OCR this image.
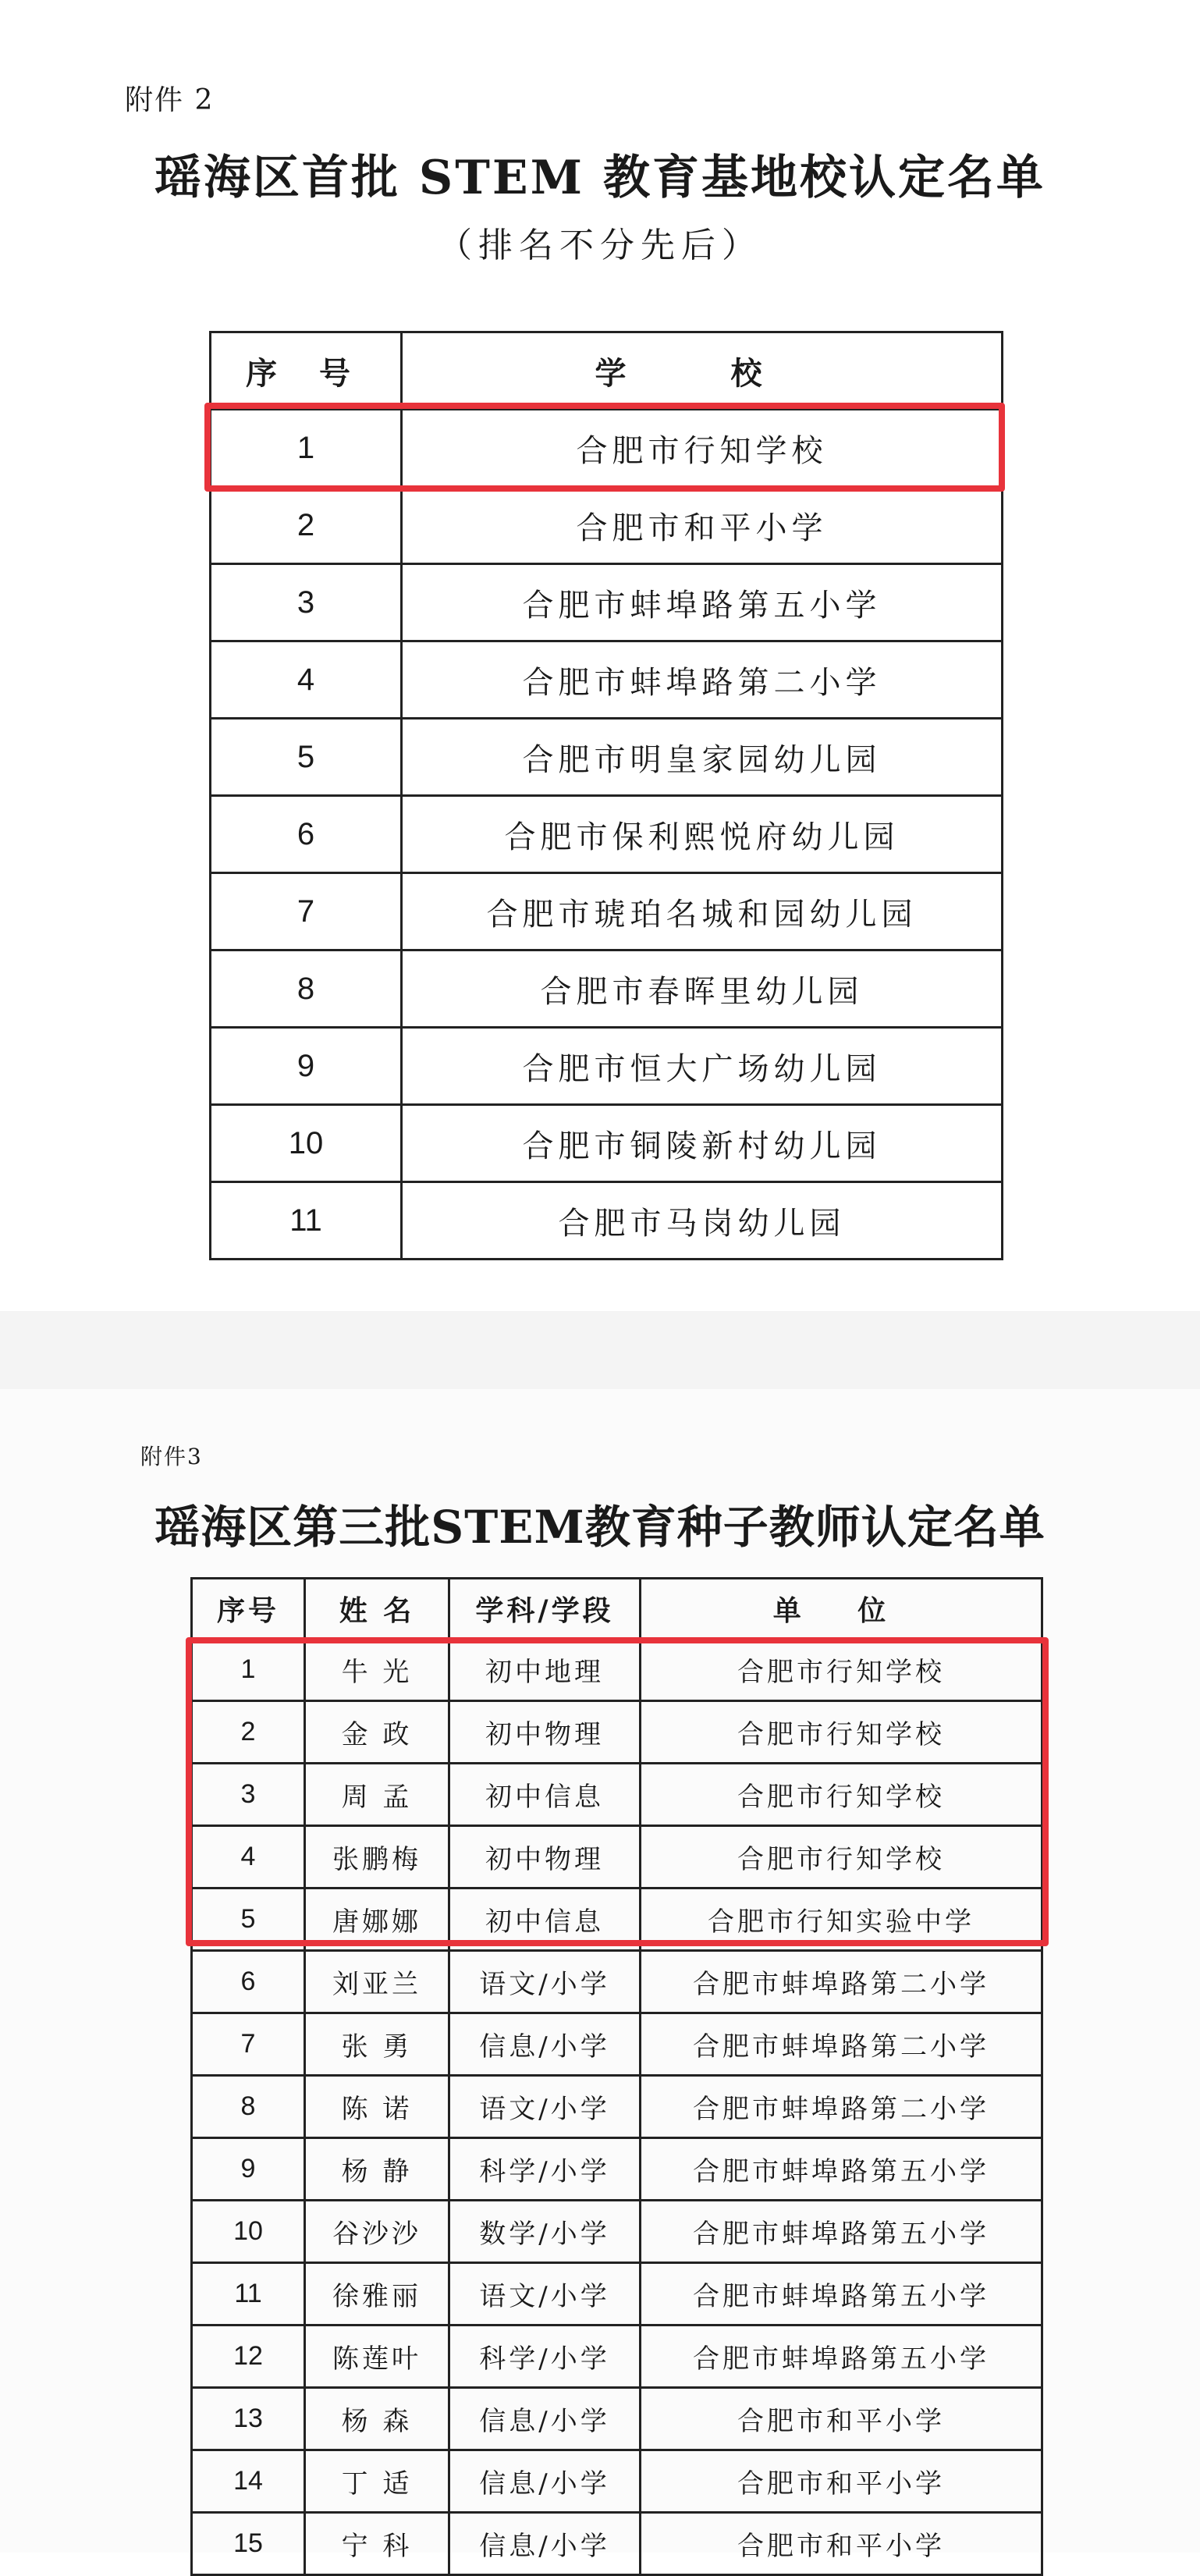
附件 2
瑶海区首批 STEM 教育基地校认定名单
（排名不分先后）
序 号	学 校
1	合肥市行知学校
2	合肥市和平小学
3	合肥市蚌埠路第五小学
4	合肥市蚌埠路第二小学
5	合肥市明皇家园幼儿园
6	合肥市保利熙悦府幼儿园
7	合肥市琥珀名城和园幼儿园
8	合肥市春晖里幼儿园
9	合肥市恒大广场幼儿园
10	合肥市铜陵新村幼儿园
11	合肥市马岗幼儿园
附件3
瑶海区第三批STEM教育种子教师认定名单
序号	姓 名	学科/学段	单 位
1	牛 光	初中地理	合肥市行知学校
2	金 政	初中物理	合肥市行知学校
3	周 孟	初中信息	合肥市行知学校
4	张鹏梅	初中物理	合肥市行知学校
5	唐娜娜	初中信息	合肥市行知实验中学
6	刘亚兰	语文/小学	合肥市蚌埠路第二小学
7	张 勇	信息/小学	合肥市蚌埠路第二小学
8	陈 诺	语文/小学	合肥市蚌埠路第二小学
9	杨 静	科学/小学	合肥市蚌埠路第五小学
10	谷沙沙	数学/小学	合肥市蚌埠路第五小学
11	徐雅丽	语文/小学	合肥市蚌埠路第五小学
12	陈莲叶	科学/小学	合肥市蚌埠路第五小学
13	杨 森	信息/小学	合肥市和平小学
14	丁 适	信息/小学	合肥市和平小学
15	宁 科	信息/小学	合肥市和平小学
